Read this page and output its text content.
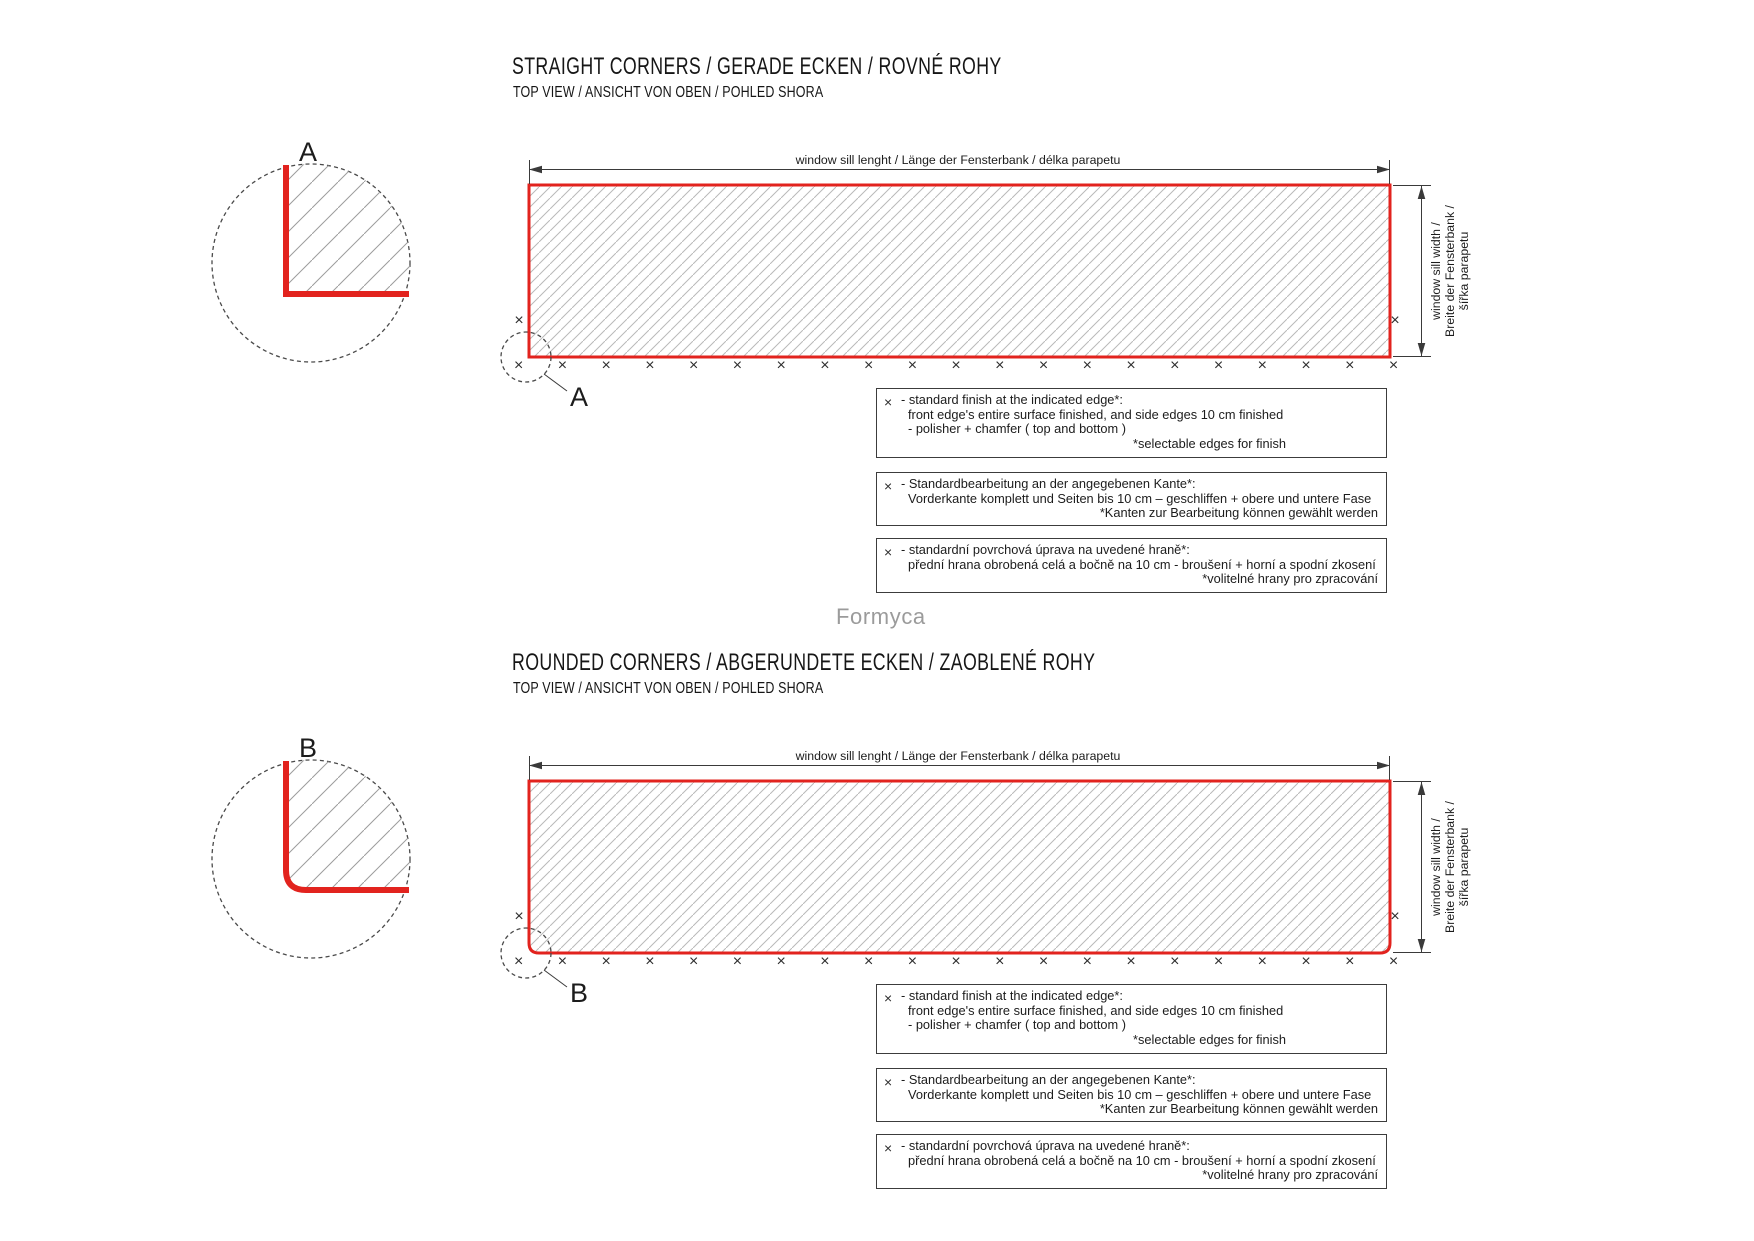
STRAIGHT CORNERS / GERADE ECKEN / ROVNÉ ROHY
TOP VIEW / ANSICHT VON OBEN / POHLED SHORA
A	window sill lenght / Länge der Fensterbank / délka parapetu
window sill width / Breite der Fensterbank / šířka parapetu
A
×××××××××××××××××××××
×	×
× - standard finish at the indicated edge*:
front edge's entire surface finished, and side edges 10 cm finished
- polisher + chamfer ( top and bottom )
*selectable edges for finish
× - Standardbearbeitung an der angegebenen Kante*:
Vorderkante komplett und Seiten bis 10 cm – geschliffen + obere und untere Fase
*Kanten zur Bearbeitung können gewählt werden
× - standardní povrchová úprava na uvedené hraně*:
přední hrana obrobená celá a bočně na 10 cm - broušení + horní a spodní zkosení
*volitelné hrany pro zpracování
Formyca
ROUNDED CORNERS / ABGERUNDETE ECKEN / ZAOBLENÉ ROHY
TOP VIEW / ANSICHT VON OBEN / POHLED SHORA
B	window sill lenght / Länge der Fensterbank / délka parapetu
window sill width / Breite der Fensterbank / šířka parapetu
B
×××××××××××××××××××××
×	×
× - standard finish at the indicated edge*:
front edge's entire surface finished, and side edges 10 cm finished
- polisher + chamfer ( top and bottom )
*selectable edges for finish
× - Standardbearbeitung an der angegebenen Kante*:
Vorderkante komplett und Seiten bis 10 cm – geschliffen + obere und untere Fase
*Kanten zur Bearbeitung können gewählt werden
× - standardní povrchová úprava na uvedené hraně*:
přední hrana obrobená celá a bočně na 10 cm - broušení + horní a spodní zkosení
*volitelné hrany pro zpracování
